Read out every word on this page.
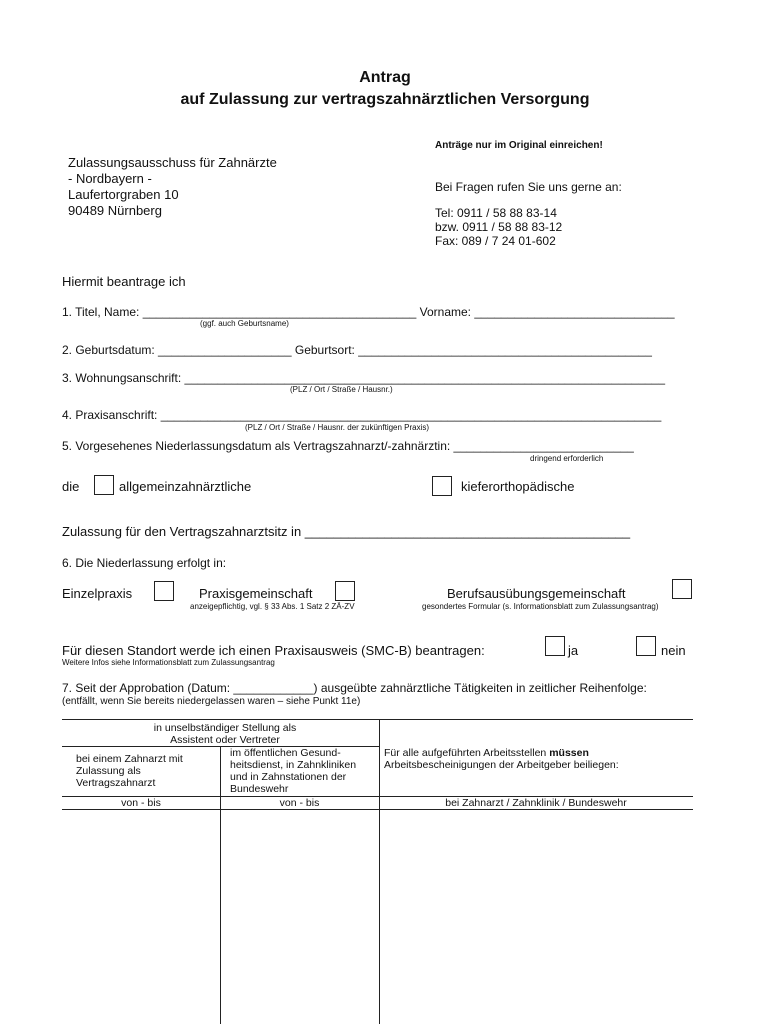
Antrag
auf Zulassung zur vertragszahnärztlichen Versorgung
Anträge nur im Original einreichen!
Zulassungsausschuss für Zahnärzte
- Nordbayern -
Laufertorgraben 10
90489 Nürnberg
Bei Fragen rufen Sie uns gerne an:
Tel: 0911 / 58 88 83-14
bzw. 0911 / 58 88 83-12
Fax: 089 / 7 24 01-602
Hiermit beantrage ich
1. Titel, Name: _________________________________________ Vorname: ______________________________
(ggf. auch Geburtsname)
2. Geburtsdatum: ____________________ Geburtsort: ____________________________________________
3. Wohnungsanschrift: ________________________________________________________________________
(PLZ / Ort / Straße / Hausnr.)
4. Praxisanschrift: ___________________________________________________________________________
(PLZ / Ort / Straße / Hausnr. der zukünftigen Praxis)
5. Vorgesehenes Niederlassungsdatum als Vertragszahnarzt/-zahnärztin: ___________________________
dringend erforderlich
die	allgemeinzahnärztliche	kieferorthopädische
Zulassung für den Vertragszahnarztsitz in _____________________________________________
6. Die Niederlassung erfolgt in:
Einzelpraxis	Praxisgemeinschaft
anzeigepflichtig, vgl. § 33 Abs. 1 Satz 2 ZÄ-ZV
Berufsausübungsgemeinschaft
gesondertes Formular (s. Informationsblatt zum Zulassungsantrag)
Für diesen Standort werde ich einen Praxisausweis (SMC-B) beantragen:	ja	nein
Weitere Infos siehe Informationsblatt zum Zulassungsantrag
7. Seit der Approbation (Datum: ____________) ausgeübte zahnärztliche Tätigkeiten in zeitlicher Reihenfolge:
(entfällt, wenn Sie bereits niedergelassen waren – siehe Punkt 11e)
in unselbständiger Stellung als Assistent oder Vertreter
bei einem Zahnarzt mit Zulassung als Vertragszahnarzt
im öffentlichen Gesund-heitsdienst, in Zahnkliniken und in Zahnstationen der Bundeswehr
Für alle aufgeführten Arbeitsstellen müssen Arbeitsbescheinigungen der Arbeitgeber beiliegen:
von - bis	von - bis	bei Zahnarzt / Zahnklinik / Bundeswehr
